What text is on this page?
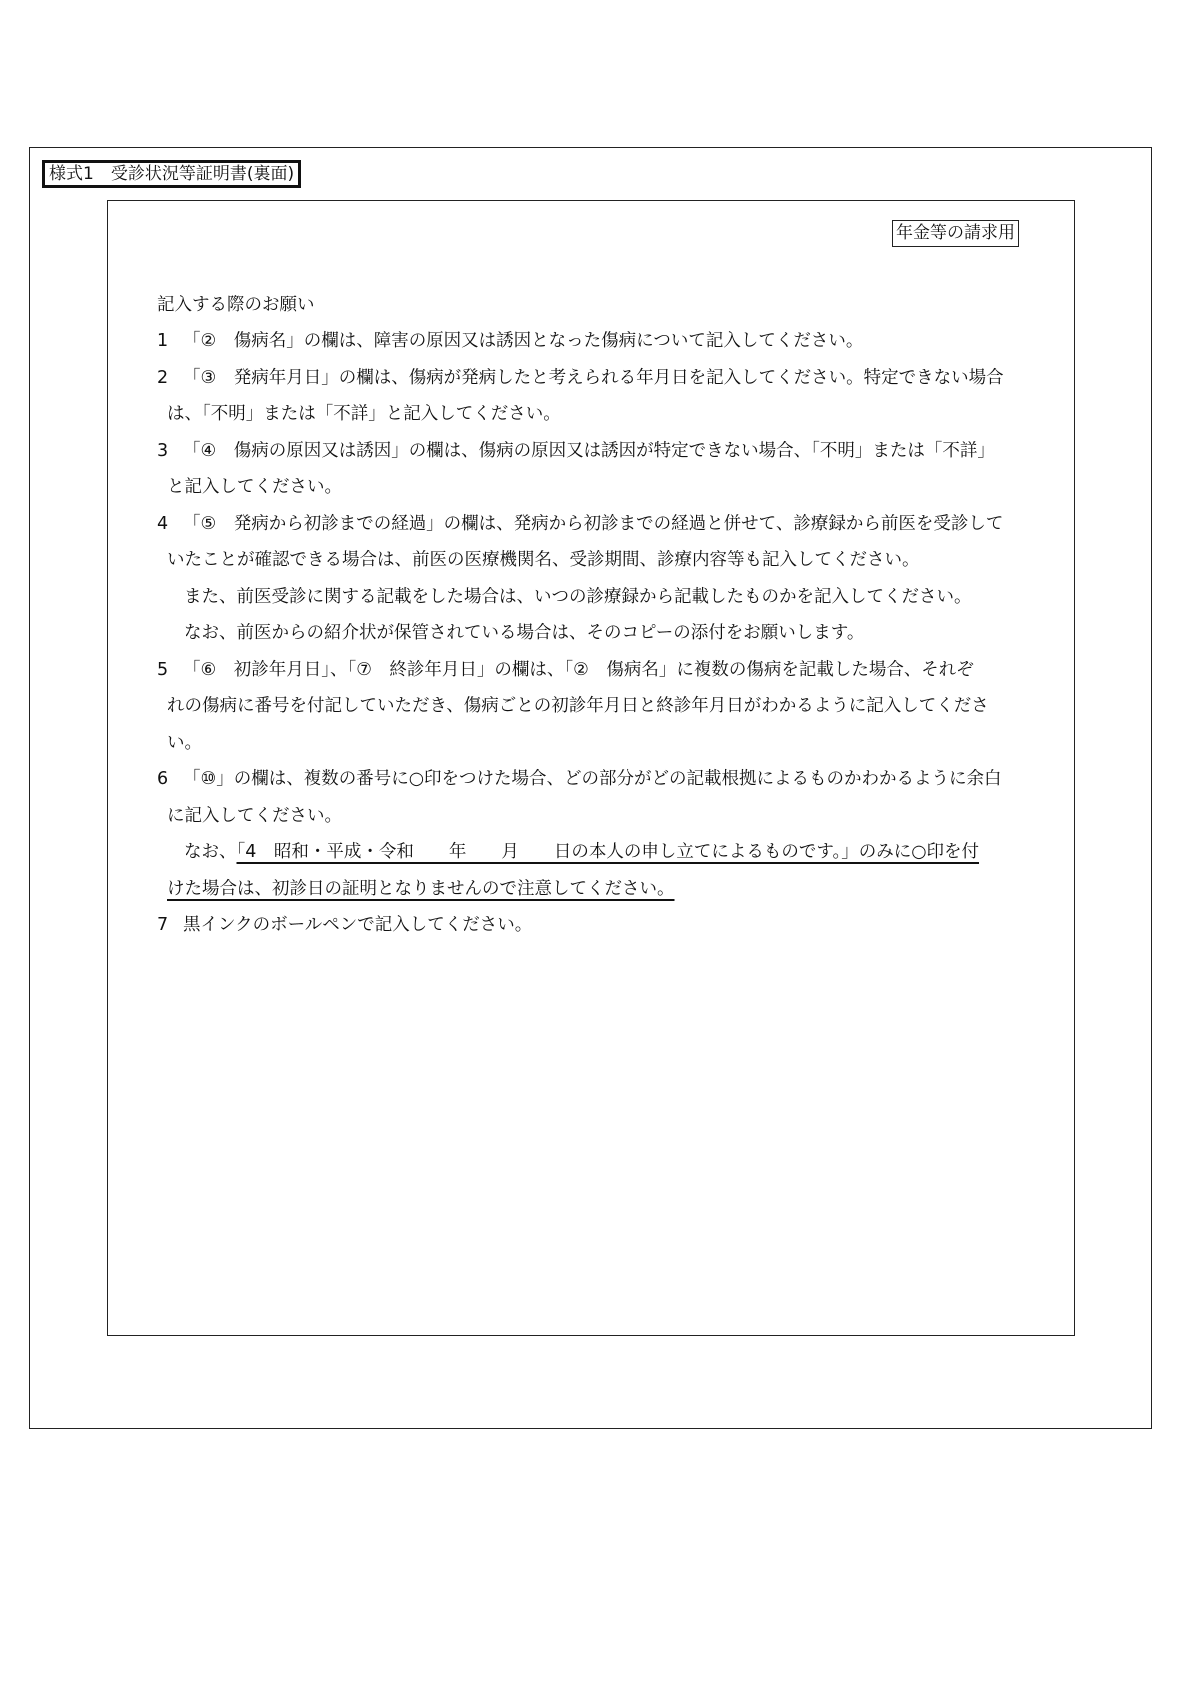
様式1　受診状況等証明書(裏面)
年金等の請求用
記入する際のお願い
1 「②　傷病名」の欄は、障害の原因又は誘因となった傷病について記入してください。
2 「③　発病年月日」の欄は、傷病が発病したと考えられる年月日を記入してください。特定できない場合
は、「不明」または「不詳」と記入してください。
3 「④　傷病の原因又は誘因」の欄は、傷病の原因又は誘因が特定できない場合、「不明」または「不詳」
と記入してください。
4 「⑤　発病から初診までの経過」の欄は、発病から初診までの経過と併せて、診療録から前医を受診して
いたことが確認できる場合は、前医の医療機関名、受診期間、診療内容等も記入してください。
また、前医受診に関する記載をした場合は、いつの診療録から記載したものかを記入してください。
なお、前医からの紹介状が保管されている場合は、そのコピーの添付をお願いします。
5 「⑥　初診年月日」、「⑦　終診年月日」の欄は、「②　傷病名」に複数の傷病を記載した場合、それぞ
れの傷病に番号を付記していただき、傷病ごとの初診年月日と終診年月日がわかるように記入してくださ
い。
6 「⑩」の欄は、複数の番号に○印をつけた場合、どの部分がどの記載根拠によるものかわかるように余白
に記入してください。
なお、「4　昭和・平成・令和　　年　　月　　日の本人の申し立てによるものです。」のみに○印を付
けた場合は、初診日の証明となりませんので注意してください。
7 黒インクのボールペンで記入してください。
